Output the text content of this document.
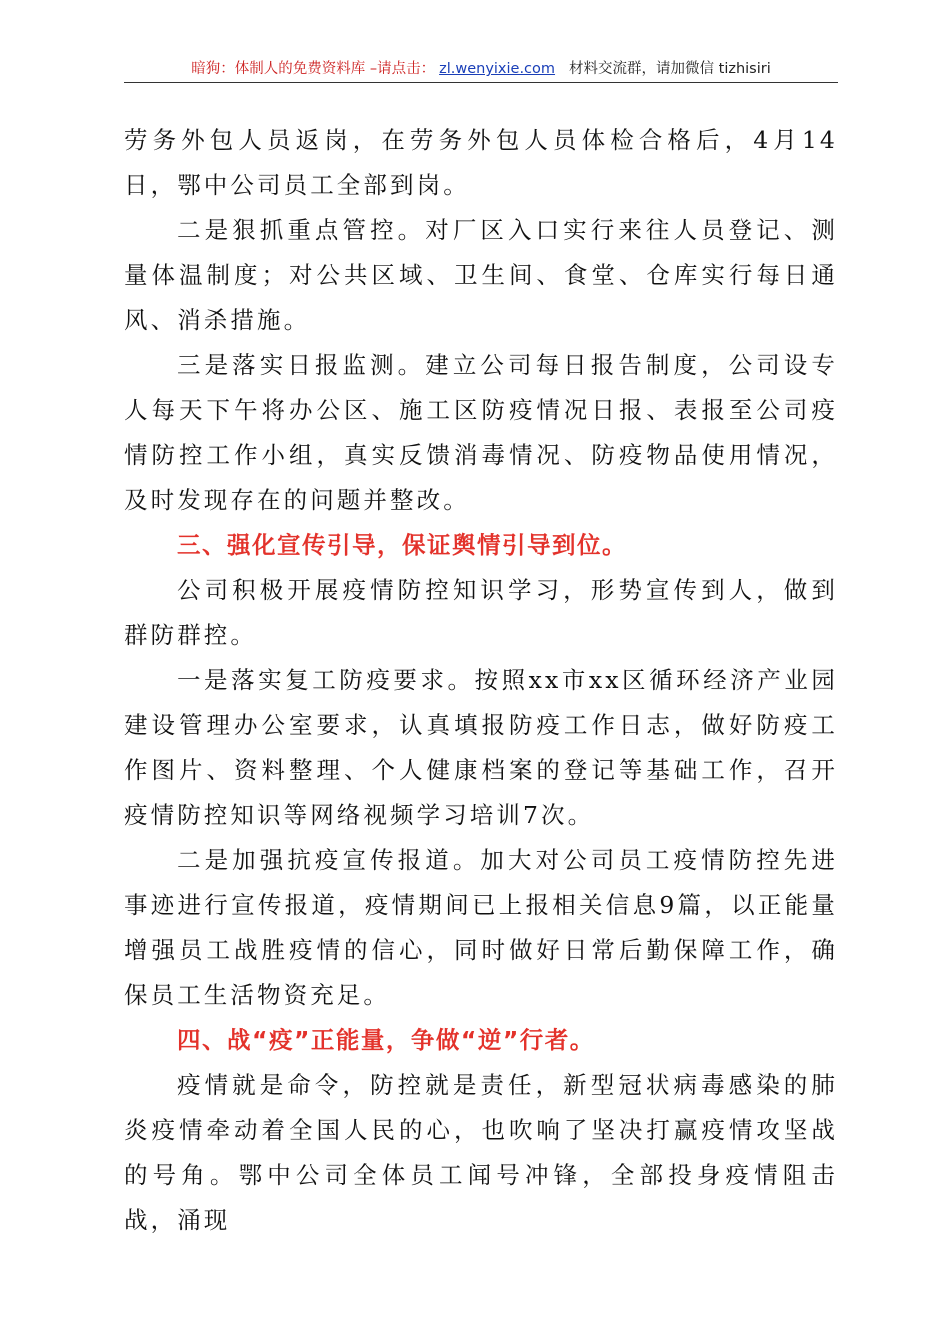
暗狗：体制人的免费资料库 –请点击： zl.wenyixie.com 材料交流群，请加微信 tizhisiri

劳务外包人员返岗，在劳务外包人员体检合格后，4月14日，鄂中公司员工全部到岗。

二是狠抓重点管控。对厂区入口实行来往人员登记、测量体温制度；对公共区域、卫生间、食堂、仓库实行每日通风、消杀措施。

三是落实日报监测。建立公司每日报告制度，公司设专人每天下午将办公区、施工区防疫情况日报、表报至公司疫情防控工作小组，真实反馈消毒情况、防疫物品使用情况，及时发现存在的问题并整改。

三、强化宣传引导，保证舆情引导到位。

公司积极开展疫情防控知识学习，形势宣传到人，做到群防群控。

一是落实复工防疫要求。按照xx市xx区循环经济产业园建设管理办公室要求，认真填报防疫工作日志，做好防疫工作图片、资料整理、个人健康档案的登记等基础工作，召开疫情防控知识等网络视频学习培训7次。

二是加强抗疫宣传报道。加大对公司员工疫情防控先进事迹进行宣传报道，疫情期间已上报相关信息9篇，以正能量增强员工战胜疫情的信心，同时做好日常后勤保障工作，确保员工生活物资充足。

四、战“疫”正能量，争做“逆”行者。

疫情就是命令，防控就是责任，新型冠状病毒感染的肺炎疫情牵动着全国人民的心，也吹响了坚决打赢疫情攻坚战的号角。鄂中公司全体员工闻号冲锋，全部投身疫情阻击战，涌现
